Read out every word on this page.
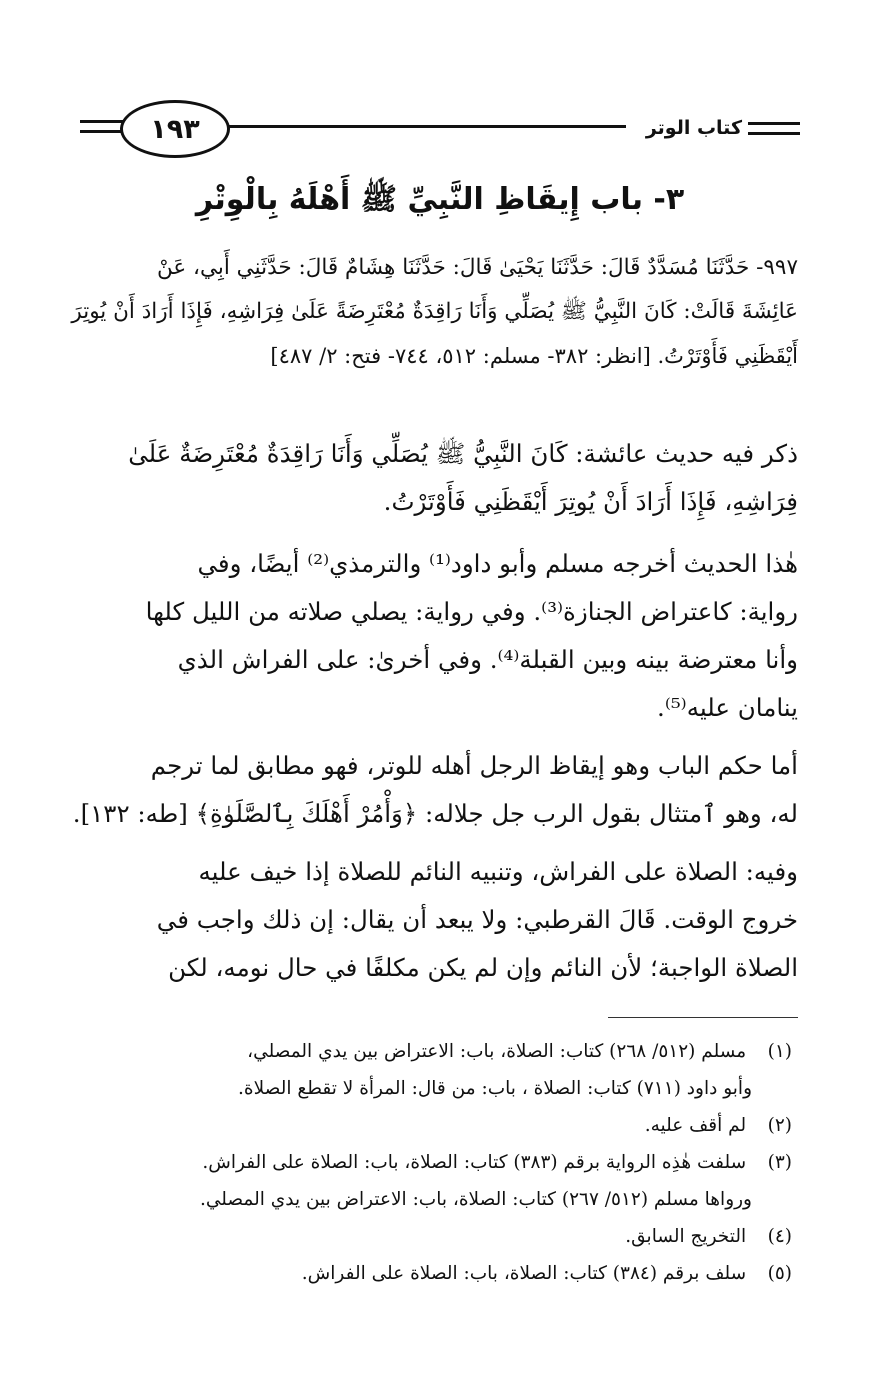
١٩٣	كتاب الوتر
٣- باب إِيقَاظِ النَّبِيِّ ﷺ أَهْلَهُ بِالْوِتْرِ
٩٩٧- حَدَّثَنَا مُسَدَّدٌ قَالَ: حَدَّثَنَا يَحْيَىٰ قَالَ: حَدَّثَنَا هِشَامٌ قَالَ: حَدَّثَنِي أَبِي، عَنْ
عَائِشَةَ قَالَتْ: كَانَ النَّبِيُّ ﷺ يُصَلِّي وَأَنَا رَاقِدَةٌ مُعْتَرِضَةً عَلَىٰ فِرَاشِهِ، فَإِذَا أَرَادَ أَنْ يُوتِرَ
أَيْقَظَنِي فَأَوْتَرْتُ. [انظر: ٣٨٢- مسلم: ٥١٢، ٧٤٤- فتح: ٢/ ٤٨٧]
ذكر فيه حديث عائشة: كَانَ النَّبِيُّ ﷺ يُصَلِّي وَأَنَا رَاقِدَةٌ مُعْتَرِضَةٌ عَلَىٰ
فِرَاشِهِ، فَإِذَا أَرَادَ أَنْ يُوتِرَ أَيْقَظَنِي فَأَوْتَرْتُ.
هٰذا الحديث أخرجه مسلم وأبو داود⁽¹⁾ والترمذي⁽²⁾ أيضًا، وفي
رواية: كاعتراض الجنازة⁽³⁾. وفي رواية: يصلي صلاته من الليل كلها
وأنا معترضة بينه وبين القبلة⁽⁴⁾. وفي أخرىٰ: على الفراش الذي
ينامان عليه⁽⁵⁾.
أما حكم الباب وهو إيقاظ الرجل أهله للوتر، فهو مطابق لما ترجم
له، وهو ٱمتثال بقول الرب جل جلاله: ﴿وَأْمُرْ أَهْلَكَ بِٱلصَّلَوٰةِ﴾ [طه: ١٣٢].
وفيه: الصلاة على الفراش، وتنبيه النائم للصلاة إذا خيف عليه
خروج الوقت. قَالَ القرطبي: ولا يبعد أن يقال: إن ذلك واجب في
الصلاة الواجبة؛ لأن النائم وإن لم يكن مكلفًا في حال نومه، لكن
(١) مسلم (٥١٢/ ٢٦٨) كتاب: الصلاة، باب: الاعتراض بين يدي المصلي،
وأبو داود (٧١١) كتاب: الصلاة ، باب: من قال: المرأة لا تقطع الصلاة.
(٢) لم أقف عليه.
(٣) سلفت هٰذِه الرواية برقم (٣٨٣) كتاب: الصلاة، باب: الصلاة على الفراش.
ورواها مسلم (٥١٢/ ٢٦٧) كتاب: الصلاة، باب: الاعتراض بين يدي المصلي.
(٤) التخريج السابق.
(٥) سلف برقم (٣٨٤) كتاب: الصلاة، باب: الصلاة على الفراش.
